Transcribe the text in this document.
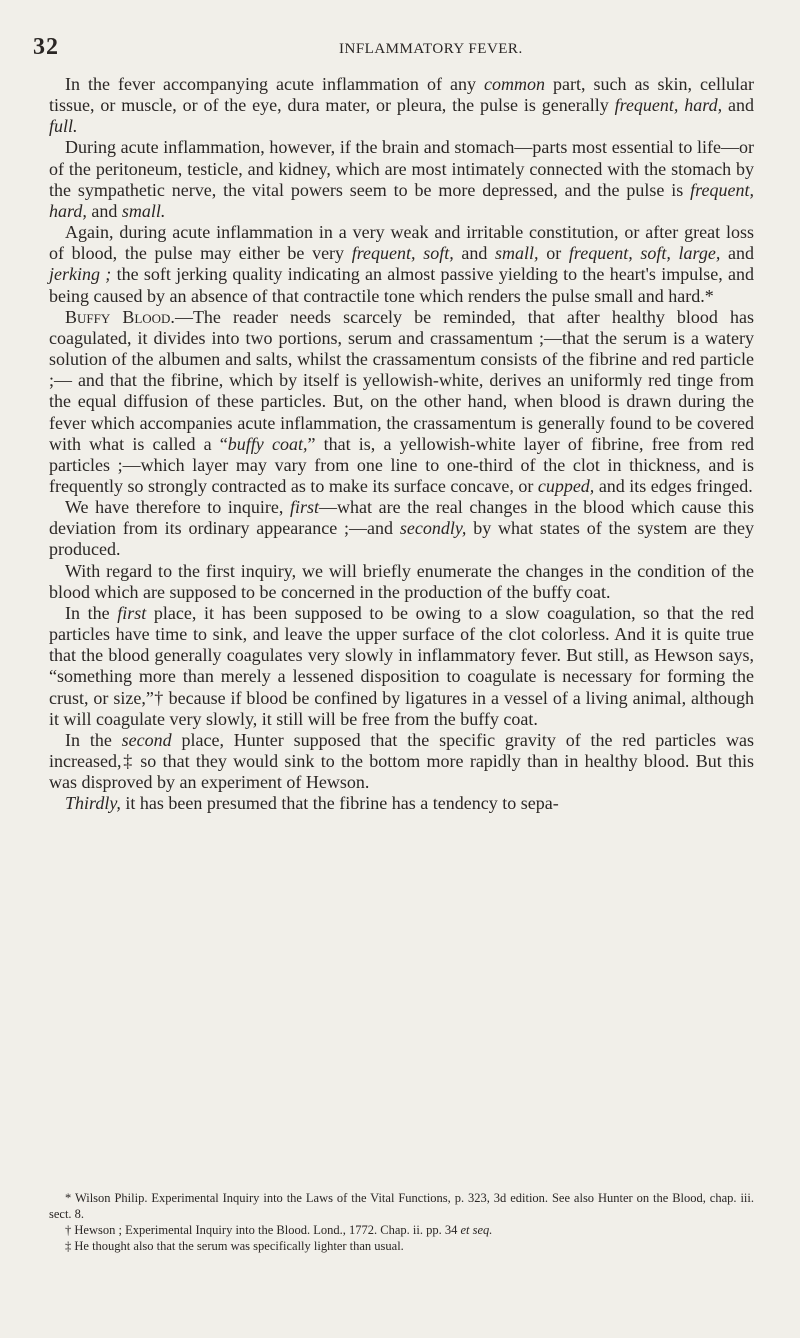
32	INFLAMMATORY FEVER.

In the fever accompanying acute inflammation of any common part, such as skin, cellular tissue, or muscle, or of the eye, dura mater, or pleura, the pulse is generally frequent, hard, and full.

During acute inflammation, however, if the brain and stomach—parts most essential to life—or of the peritoneum, testicle, and kidney, which are most intimately connected with the stomach by the sympathetic nerve, the vital powers seem to be more depressed, and the pulse is frequent, hard, and small.

Again, during acute inflammation in a very weak and irritable constitution, or after great loss of blood, the pulse may either be very frequent, soft, and small, or frequent, soft, large, and jerking ; the soft jerking quality indicating an almost passive yielding to the heart's impulse, and being caused by an absence of that contractile tone which renders the pulse small and hard.*

Buffy Blood.—The reader needs scarcely be reminded, that after healthy blood has coagulated, it divides into two portions, serum and crassamentum ;—that the serum is a watery solution of the albumen and salts, whilst the crassamentum consists of the fibrine and red particle ;— and that the fibrine, which by itself is yellowish-white, derives an uniformly red tinge from the equal diffusion of these particles. But, on the other hand, when blood is drawn during the fever which accompanies acute inflammation, the crassamentum is generally found to be covered with what is called a “buffy coat,” that is, a yellowish-white layer of fibrine, free from red particles ;—which layer may vary from one line to one-third of the clot in thickness, and is frequently so strongly contracted as to make its surface concave, or cupped, and its edges fringed.

We have therefore to inquire, first—what are the real changes in the blood which cause this deviation from its ordinary appearance ;—and secondly, by what states of the system are they produced.

With regard to the first inquiry, we will briefly enumerate the changes in the condition of the blood which are supposed to be concerned in the production of the buffy coat.

In the first place, it has been supposed to be owing to a slow coagulation, so that the red particles have time to sink, and leave the upper surface of the clot colorless. And it is quite true that the blood generally coagulates very slowly in inflammatory fever. But still, as Hewson says, “something more than merely a lessened disposition to coagulate is necessary for forming the crust, or size,”† because if blood be confined by ligatures in a vessel of a living animal, although it will coagulate very slowly, it still will be free from the buffy coat.

In the second place, Hunter supposed that the specific gravity of the red particles was increased,‡ so that they would sink to the bottom more rapidly than in healthy blood. But this was disproved by an experiment of Hewson.

Thirdly, it has been presumed that the fibrine has a tendency to sepa-

* Wilson Philip. Experimental Inquiry into the Laws of the Vital Functions, p. 323, 3d edition. See also Hunter on the Blood, chap. iii. sect. 8.

† Hewson ; Experimental Inquiry into the Blood. Lond., 1772. Chap. ii. pp. 34 et seq.

‡ He thought also that the serum was specifically lighter than usual.
